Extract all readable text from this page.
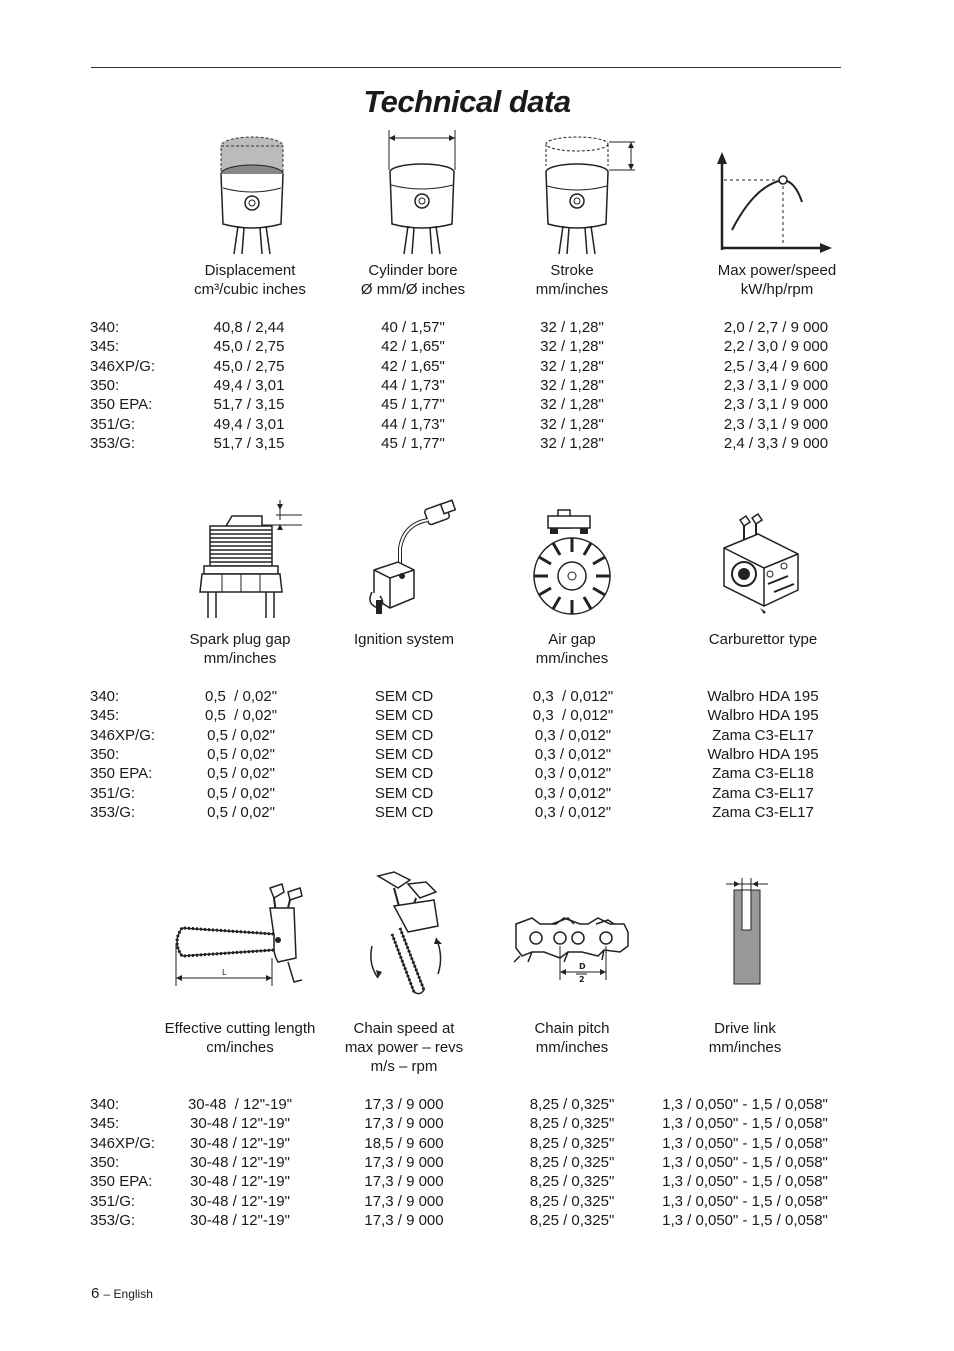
Technical data
Displacement
cm³/cubic inches
Cylinder bore
Ø mm/Ø inches
Stroke
mm/inches
Max power/speed
kW/hp/rpm
340:	40,8 / 2,44	40 / 1,57"	32 / 1,28"	2,0 / 2,7 / 9 000
345:	45,0 / 2,75	42 / 1,65"	32 / 1,28"	2,2 / 3,0 / 9 000
346XP/G:	45,0 / 2,75	42 / 1,65"	32 / 1,28"	2,5 / 3,4 / 9 600
350:	49,4 / 3,01	44 / 1,73"	32 / 1,28"	2,3 / 3,1 / 9 000
350 EPA:	51,7 / 3,15	45 / 1,77"	32 / 1,28"	2,3 / 3,1 / 9 000
351/G:	49,4 / 3,01	44 / 1,73"	32 / 1,28"	2,3 / 3,1 / 9 000
353/G:	51,7 / 3,15	45 / 1,77"	32 / 1,28"	2,4 / 3,3 / 9 000
Spark plug gap
mm/inches
Ignition system	Air gap
mm/inches
Carburettor type
340:	0,5  / 0,02"	SEM CD	0,3  / 0,012"	Walbro HDA 195
345:	0,5  / 0,02"	SEM CD	0,3  / 0,012"	Walbro HDA 195
346XP/G:	0,5 / 0,02"	SEM CD	0,3 / 0,012"	Zama C3-EL17
350:	0,5 / 0,02"	SEM CD	0,3 / 0,012"	Walbro HDA 195
350 EPA:	0,5 / 0,02"	SEM CD	0,3 / 0,012"	Zama C3-EL18
351/G:	0,5 / 0,02"	SEM CD	0,3 / 0,012"	Zama C3-EL17
353/G:	0,5 / 0,02"	SEM CD	0,3 / 0,012"	Zama C3-EL17
L
D
2
Effective cutting length
cm/inches
Chain speed at
max power – revs
m/s – rpm
Chain pitch
mm/inches
Drive link
mm/inches
340:	30-48  / 12"-19"	17,3 / 9 000	8,25 / 0,325"	1,3 / 0,050" - 1,5 / 0,058"
345:	30-48 / 12"-19"	17,3 / 9 000	8,25 / 0,325"	1,3 / 0,050" - 1,5 / 0,058"
346XP/G: 30-48 / 12"-19"	18,5 / 9 600	8,25 / 0,325"	1,3 / 0,050" - 1,5 / 0,058"
350:	30-48 / 12"-19"	17,3 / 9 000	8,25 / 0,325"	1,3 / 0,050" - 1,5 / 0,058"
350 EPA:	30-48 / 12"-19"	17,3 / 9 000	8,25 / 0,325"	1,3 / 0,050" - 1,5 / 0,058"
351/G:	30-48 / 12"-19"	17,3 / 9 000	8,25 / 0,325"	1,3 / 0,050" - 1,5 / 0,058"
353/G:	30-48 / 12"-19"	17,3 / 9 000	8,25 / 0,325"	1,3 / 0,050" - 1,5 / 0,058"
6 – English
